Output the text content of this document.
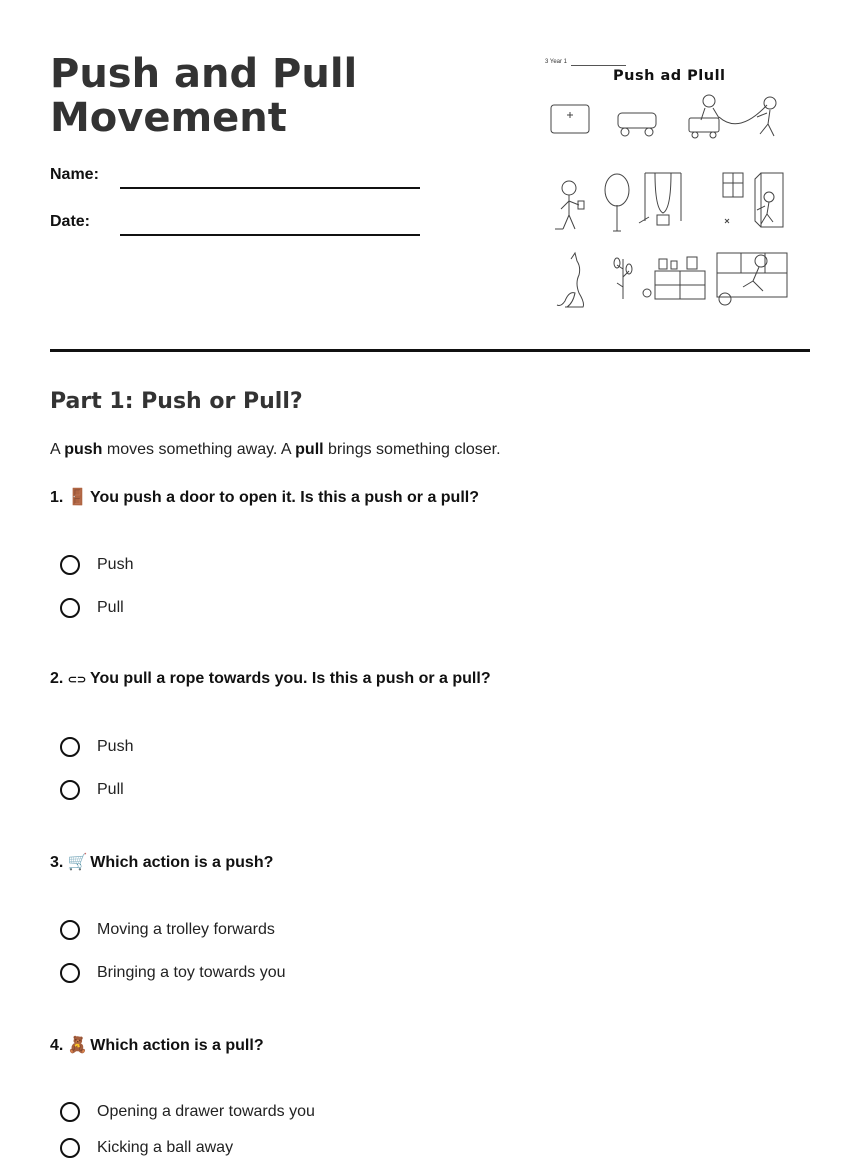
Push and Pull
Movement
Name:
Date:
3 Year 1
Push ad Plull
Part 1: Push or Pull?

A push moves something away. A pull brings something closer.

1. 🚪 You push a door to open it. Is this a push or a pull?

Push
Pull

2. ⊂⊃ You pull a rope towards you. Is this a push or a pull?

Push
Pull

3. 🛒 Which action is a push?

Moving a trolley forwards
Bringing a toy towards you

4. 🧸 Which action is a pull?

Opening a drawer towards you
Kicking a ball away
